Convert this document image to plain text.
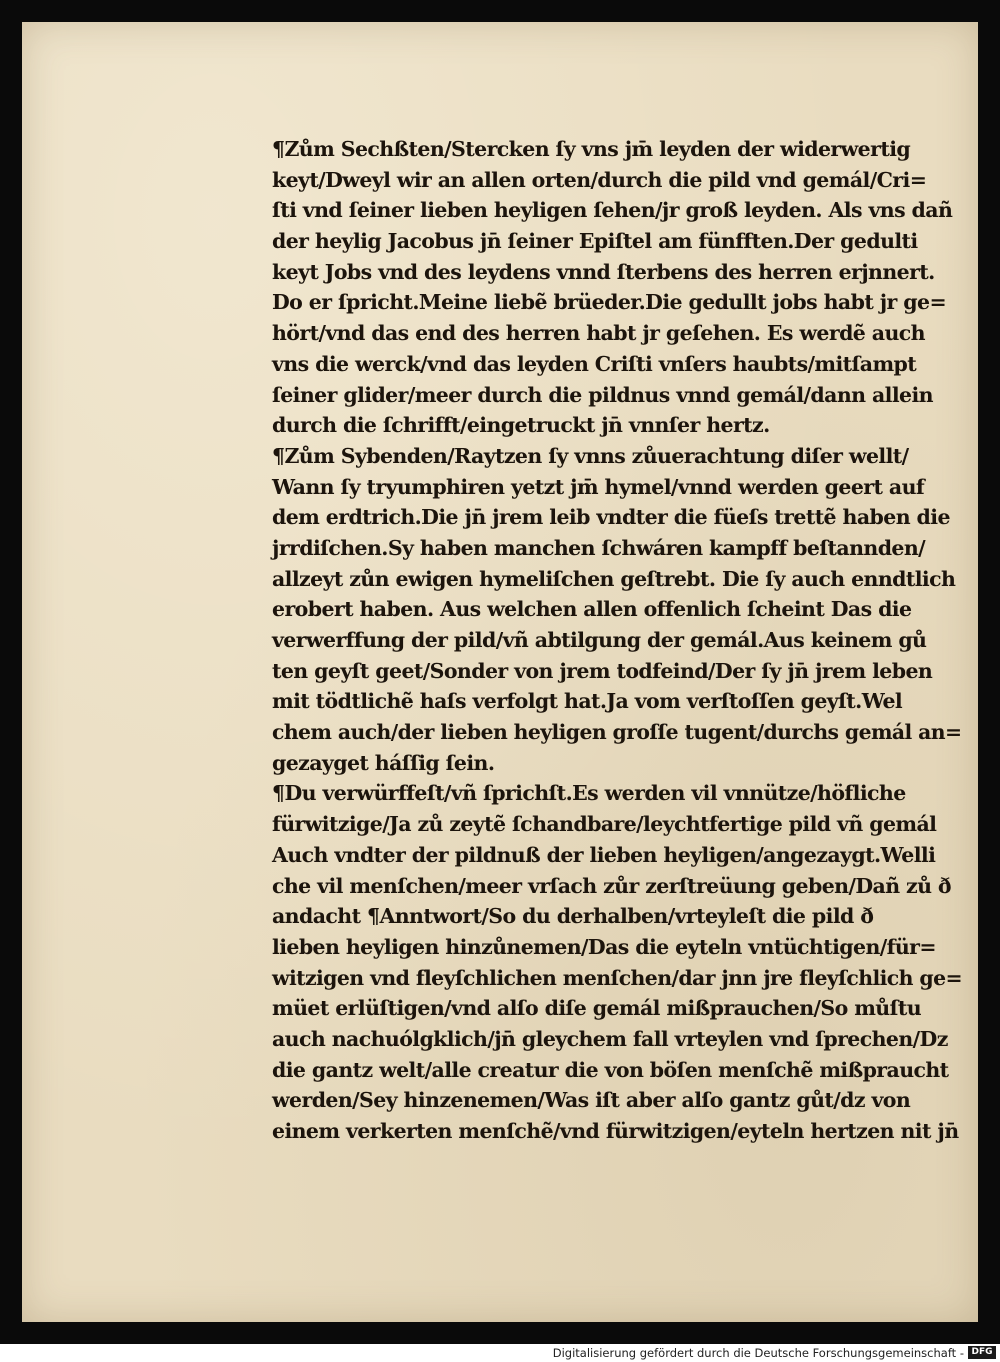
¶Zům Sechßten/Stercken ſy vns jm̄ leyden der widerwertig
keyt/Dweyl wir an allen orten/durch die pild vnd gemál/Cri=
ſti vnd ſeiner lieben heyligen ſehen/jr groß leyden. Als vns dañ
der heylig Jacobus jn̄ ſeiner Epiſtel am fünfften.Der gedulti
keyt Jobs vnd des leydens vnnd ſterbens des herren erjnnert.
Do er ſpricht.Meine liebẽ brüeder.Die gedullt jobs habt jr ge=
hört/vnd das end des herren habt jr geſehen. Es werdẽ auch
vns die werck/vnd das leyden Criſti vnſers haubts/mitſampt
ſeiner glider/meer durch die pildnus vnnd gemál/dann allein
durch die ſchrifft/eingetruckt jn̄ vnnſer hertz.
¶Zům Sybenden/Raytzen ſy vnns zůuerachtung diſer wellt/
Wann ſy tryumphiren yetzt jm̄ hymel/vnnd werden geert auf
dem erdtrich.Die jn̄ jrem leib vndter die füeſs trettẽ haben die
jrrdiſchen.Sy haben manchen ſchwáren kampff beſtannden/
allzeyt zůn ewigen hymeliſchen geſtrebt. Die ſy auch enndtlich
erobert haben. Aus welchen allen offenlich ſcheint Das die
verwerffung der pild/vñ abtilgung der gemál.Aus keinem gů
ten geyſt geet/Sonder von jrem todfeind/Der ſy jn̄ jrem leben
mit tödtlichẽ haſs verfolgt hat.Ja vom verſtoſſen geyſt.Wel
chem auch/der lieben heyligen groſſe tugent/durchs gemál an=
gezayget háſſig ſein.
¶Du verwürffeſt/vñ ſprichſt.Es werden vil vnnütze/höfliche
fürwitzige/Ja zů zeytẽ ſchandbare/leychtfertige pild vñ gemál
Auch vndter der pildnuß der lieben heyligen/angezaygt.Welli
che vil menſchen/meer vrſach zůr zerſtreüung geben/Dañ zů ð
andacht ¶Anntwort/So du derhalben/vrteyleſt die pild ð
lieben heyligen hinzůnemen/Das die eyteln vntüchtigen/für=
witzigen vnd fleyſchlichen menſchen/dar jnn jre fleyſchlich ge=
müet erlüſtigen/vnd alſo diſe gemál mißprauchen/So můſtu
auch nachuólgklich/jn̄ gleychem fall vrteylen vnd ſprechen/Dz
die gantz welt/alle creatur die von böſen menſchẽ mißpraucht
werden/Sey hinzenemen/Was iſt aber alſo gantz gůt/dz von
einem verkerten menſchẽ/vnd fürwitzigen/eyteln hertzen nit jn̄
Digitalisierung gefördert durch die Deutsche Forschungsgemeinschaft - DFG
